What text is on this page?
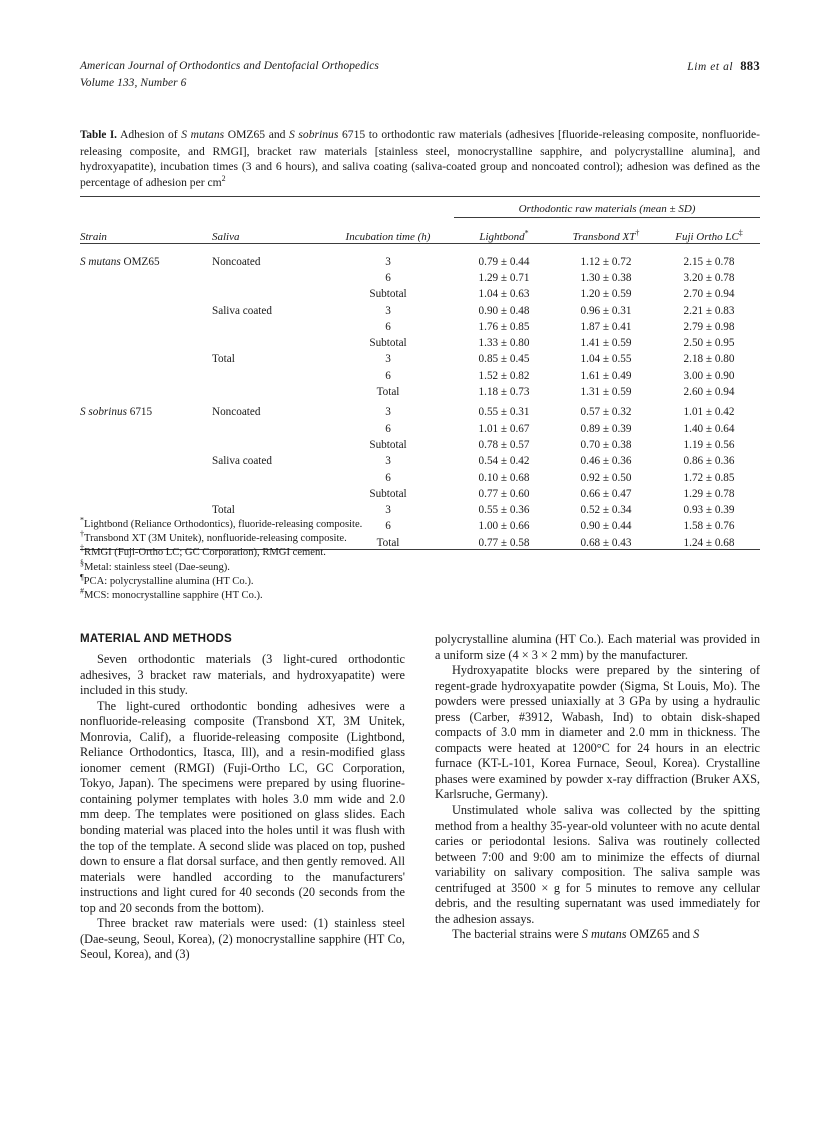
American Journal of Orthodontics and Dentofacial Orthopedics
Volume 133, Number 6
Lim et al 883
Table I. Adhesion of S mutans OMZ65 and S sobrinus 6715 to orthodontic raw materials (adhesives [fluoride-releasing composite, nonfluoride-releasing composite, and RMGI], bracket raw materials [stainless steel, monocrystalline sapphire, and polycrystalline alumina], and hydroxyapatite), incubation times (3 and 6 hours), and saliva coating (saliva-coated group and noncoated control); adhesion was defined as the percentage of adhesion per $cm^2$

			Orthodontic raw materials (mean ± SD)		

Strain	Saliva	Incubation time (h)	Lightbond*	Transbond XT†	Fuji Ortho LC‡

S mutans OMZ65	Noncoated	3	0.79 ± 0.44	1.12 ± 0.72	2.15 ± 0.78
		6	1.29 ± 0.71	1.30 ± 0.38	3.20 ± 0.78
		Subtotal	1.04 ± 0.63	1.20 ± 0.59	2.70 ± 0.94
	Saliva coated	3	0.90 ± 0.48	0.96 ± 0.31	2.21 ± 0.83
		6	1.76 ± 0.85	1.87 ± 0.41	2.79 ± 0.98
		Subtotal	1.33 ± 0.80	1.41 ± 0.59	2.50 ± 0.95
	Total	3	0.85 ± 0.45	1.04 ± 0.55	2.18 ± 0.80
		6	1.52 ± 0.82	1.61 ± 0.49	3.00 ± 0.90
		Total	1.18 ± 0.73	1.31 ± 0.59	2.60 ± 0.94

S sobrinus 6715	Noncoated	3	0.55 ± 0.31	0.57 ± 0.32	1.01 ± 0.42
		6	1.01 ± 0.67	0.89 ± 0.39	1.40 ± 0.64
		Subtotal	0.78 ± 0.57	0.70 ± 0.38	1.19 ± 0.56
	Saliva coated	3	0.54 ± 0.42	0.46 ± 0.36	0.86 ± 0.36
		6	0.10 ± 0.68	0.92 ± 0.50	1.72 ± 0.85
		Subtotal	0.77 ± 0.60	0.66 ± 0.47	1.29 ± 0.78
	Total	3	0.55 ± 0.36	0.52 ± 0.34	0.93 ± 0.39
		6	1.00 ± 0.66	0.90 ± 0.44	1.58 ± 0.76
		Total	0.77 ± 0.58	0.68 ± 0.43	1.24 ± 0.68
*Lightbond (Reliance Orthodontics), fluoride-releasing composite.
†Transbond XT (3M Unitek), nonfluoride-releasing composite.
‡RMGI (Fuji-Ortho LC; GC Corporation), RMGI cement.
§Metal: stainless steel (Dae-seung).
¶PCA: polycrystalline alumina (HT Co.).
#MCS: monocrystalline sapphire (HT Co.).
MATERIAL AND METHODS

Seven orthodontic materials (3 light-cured orthodontic adhesives, 3 bracket raw materials, and hydroxyapatite) were included in this study.

The light-cured orthodontic bonding adhesives were a nonfluoride-releasing composite (Transbond XT, 3M Unitek, Monrovia, Calif), a fluoride-releasing composite (Lightbond, Reliance Orthodontics, Itasca, Ill), and a resin-modified glass ionomer cement (RMGI) (Fuji-Ortho LC, GC Corporation, Tokyo, Japan). The specimens were prepared by using fluorine-containing polymer templates with holes 3.0 mm wide and 2.0 mm deep. The templates were positioned on glass slides. Each bonding material was placed into the holes until it was flush with the top of the template. A second slide was placed on top, pushed down to ensure a flat dorsal surface, and then gently removed. All materials were handled according to the manufacturers' instructions and light cured for 40 seconds (20 seconds from the top and 20 seconds from the bottom).

Three bracket raw materials were used: (1) stainless steel (Dae-seung, Seoul, Korea), (2) monocrystalline sapphire (HT Co, Seoul, Korea), and (3)

polycrystalline alumina (HT Co.). Each material was provided in a uniform size (4 × 3 × 2 mm) by the manufacturer.

Hydroxyapatite blocks were prepared by the sintering of regent-grade hydroxyapatite powder (Sigma, St Louis, Mo). The powders were pressed uniaxially at 3 GPa by using a hydraulic press (Carber, #3912, Wabash, Ind) to obtain disk-shaped compacts of 3.0 mm in diameter and 2.0 mm in thickness. The compacts were heated at 1200°C for 24 hours in an electric furnace (KT-L-101, Korea Furnace, Seoul, Korea). Crystalline phases were examined by powder x-ray diffraction (Bruker AXS, Karlsruche, Germany).

Unstimulated whole saliva was collected by the spitting method from a healthy 35-year-old volunteer with no acute dental caries or periodontal lesions. Saliva was routinely collected between 7:00 and 9:00 am to minimize the effects of diurnal variability on salivary composition. The saliva sample was centrifuged at 3500 × g for 5 minutes to remove any cellular debris, and the resulting supernatant was used immediately for the adhesion assays.

The bacterial strains were S mutans OMZ65 and S
